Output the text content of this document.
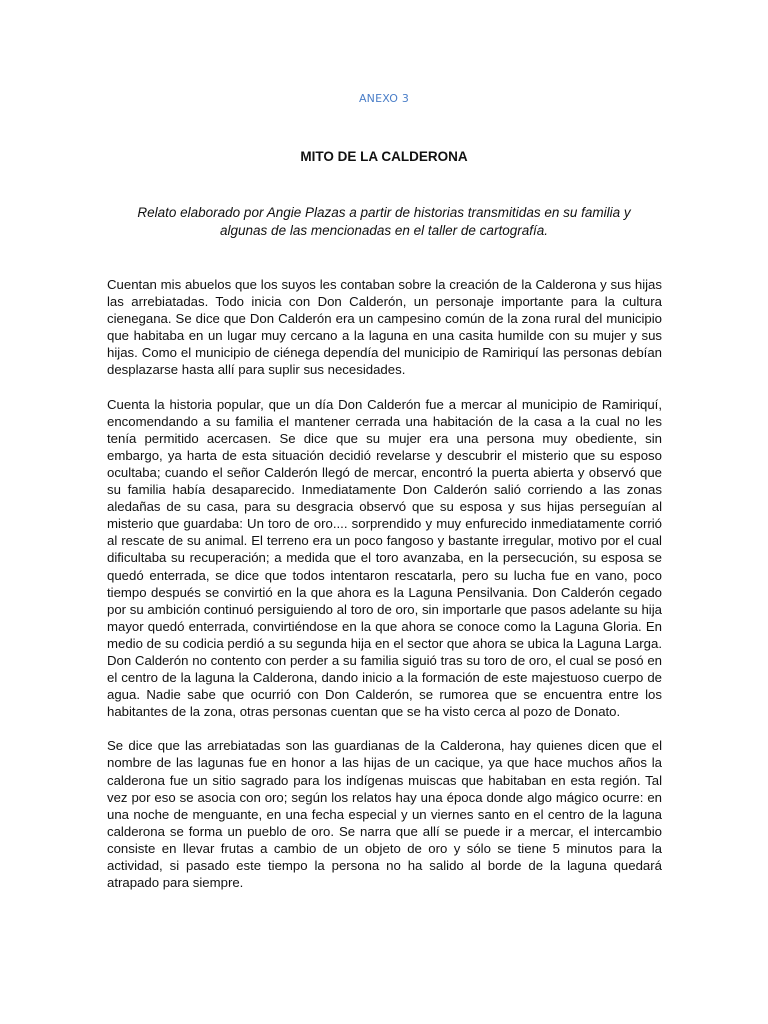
ANEXO 3
MITO DE LA CALDERONA

Relato elaborado por Angie Plazas a partir de historias transmitidas en su familia y algunas de las mencionadas en el taller de cartografía.

Cuentan mis abuelos que los suyos les contaban sobre la creación de la Calderona y sus hijas las arrebiatadas. Todo inicia con Don Calderón, un personaje importante para la cultura cienegana. Se dice que Don Calderón era un campesino común de la zona rural del municipio que habitaba en un lugar muy cercano a la laguna en una casita humilde con su mujer y sus hijas. Como el municipio de ciénega dependía del municipio de Ramiriquí las personas debían desplazarse hasta allí para suplir sus necesidades.

Cuenta la historia popular, que un día Don Calderón fue a mercar al municipio de Ramiriquí, encomendando a su familia el mantener cerrada una habitación de la casa a la cual no les tenía permitido acercasen. Se dice que su mujer era una persona muy obediente, sin embargo, ya harta de esta situación decidió revelarse y descubrir el misterio que su esposo ocultaba; cuando el señor Calderón llegó de mercar, encontró la puerta abierta y observó que su familia había desaparecido. Inmediatamente Don Calderón salió corriendo a las zonas aledañas de su casa, para su desgracia observó que su esposa y sus hijas perseguían al misterio que guardaba: Un toro de oro.... sorprendido y muy enfurecido inmediatamente corrió al rescate de su animal. El terreno era un poco fangoso y bastante irregular, motivo por el cual dificultaba su recuperación; a medida que el toro avanzaba, en la persecución, su esposa se quedó enterrada, se dice que todos intentaron rescatarla, pero su lucha fue en vano, poco tiempo después se convirtió en la que ahora es la Laguna Pensilvania. Don Calderón cegado por su ambición continuó persiguiendo al toro de oro, sin importarle que pasos adelante su hija mayor quedó enterrada, convirtiéndose en la que ahora se conoce como la Laguna Gloria. En medio de su codicia perdió a su segunda hija en el sector que ahora se ubica la Laguna Larga. Don Calderón no contento con perder a su familia siguió tras su toro de oro, el cual se posó en el centro de la laguna la Calderona, dando inicio a la formación de este majestuoso cuerpo de agua. Nadie sabe que ocurrió con Don Calderón, se rumorea que se encuentra entre los habitantes de la zona, otras personas cuentan que se ha visto cerca al pozo de Donato.

Se dice que las arrebiatadas son las guardianas de la Calderona, hay quienes dicen que el nombre de las lagunas fue en honor a las hijas de un cacique, ya que hace muchos años la calderona fue un sitio sagrado para los indígenas muiscas que habitaban en esta región. Tal vez por eso se asocia con oro; según los relatos hay una época donde algo mágico ocurre: en una noche de menguante, en una fecha especial y un viernes santo en el centro de la laguna calderona se forma un pueblo de oro. Se narra que allí se puede ir a mercar, el intercambio consiste en llevar frutas a cambio de un objeto de oro y sólo se tiene 5 minutos para la actividad, si pasado este tiempo la persona no ha salido al borde de la laguna quedará atrapado para siempre.
